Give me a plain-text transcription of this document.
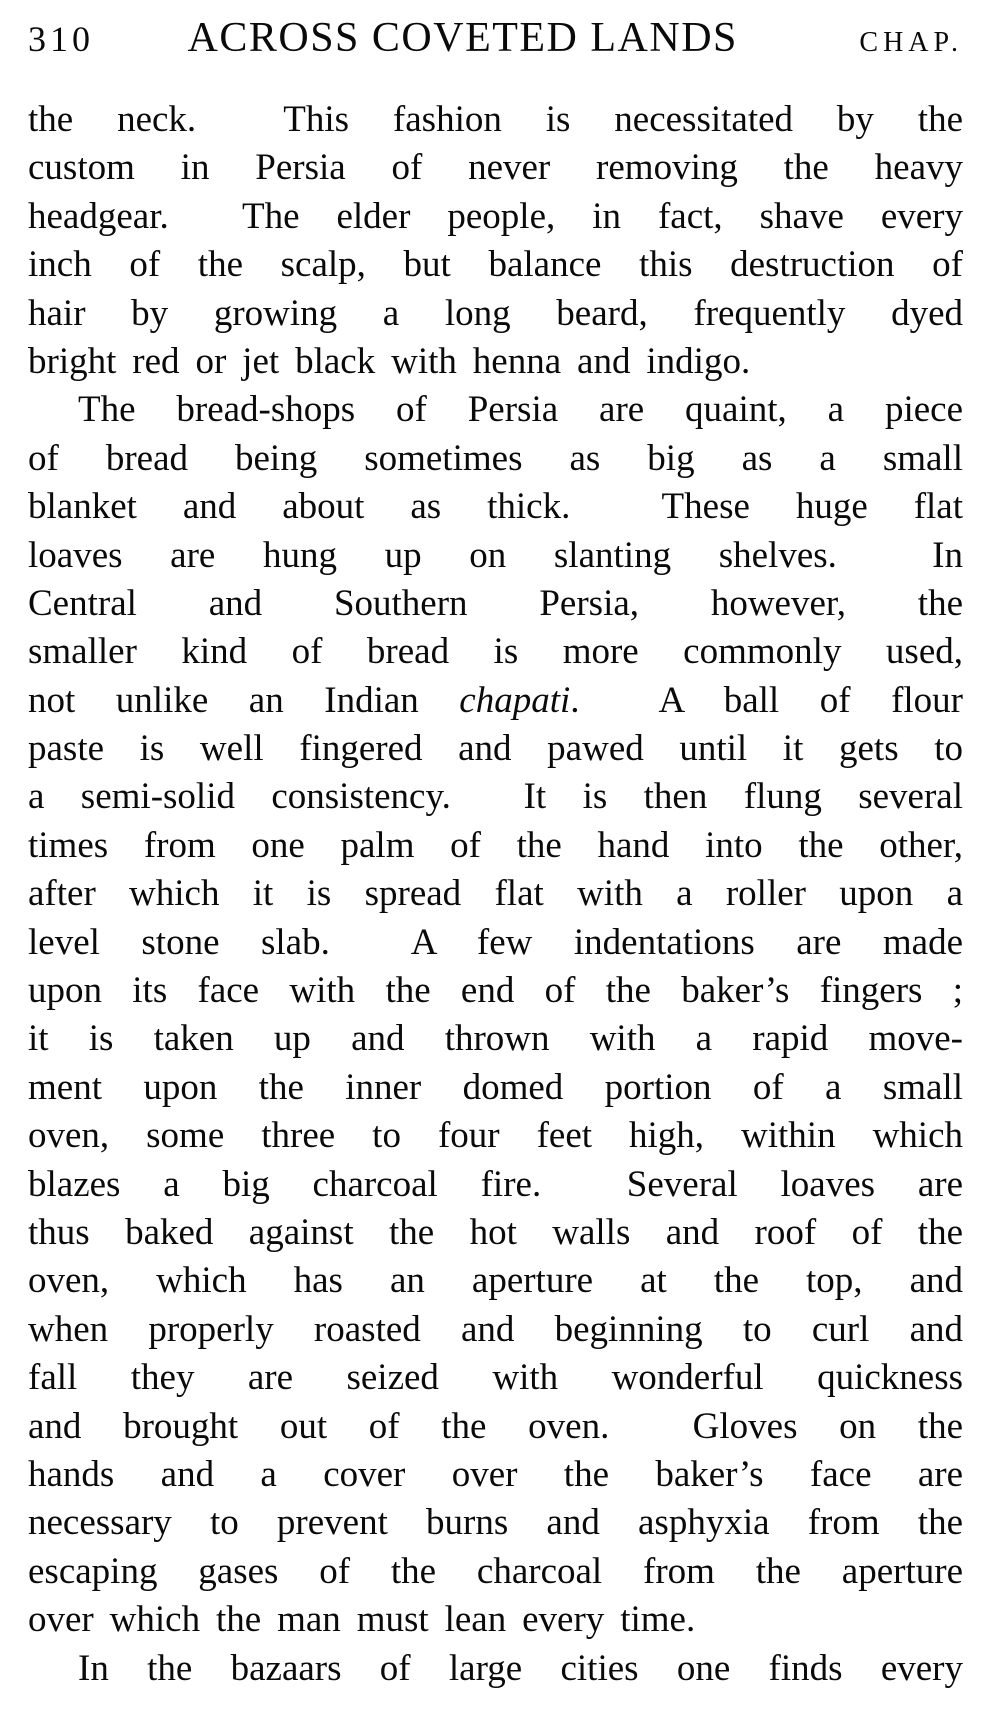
310 ACROSS COVETED LANDS	CHAP.
the neck.  This fashion is necessitated by the
custom in Persia of never removing the heavy
headgear.  The elder people, in fact, shave every
inch of the scalp, but balance this destruction of
hair by growing a long beard, frequently dyed
bright red or jet black with henna and indigo.
The bread-shops of Persia are quaint, a piece
of bread being sometimes as big as a small
blanket and about as thick.  These huge flat
loaves are hung up on slanting shelves.  In
Central and Southern Persia, however, the
smaller kind of bread is more commonly used,
not unlike an Indian chapati.  A ball of flour
paste is well fingered and pawed until it gets to
a semi-solid consistency.  It is then flung several
times from one palm of the hand into the other,
after which it is spread flat with a roller upon a
level stone slab.  A few indentations are made
upon its face with the end of the baker’s fingers ;
it is taken up and thrown with a rapid move-
ment upon the inner domed portion of a small
oven, some three to four feet high, within which
blazes a big charcoal fire.  Several loaves are
thus baked against the hot walls and roof of the
oven, which has an aperture at the top, and
when properly roasted and beginning to curl and
fall they are seized with wonderful quickness
and brought out of the oven.  Gloves on the
hands and a cover over the baker’s face are
necessary to prevent burns and asphyxia from the
escaping gases of the charcoal from the aperture
over which the man must lean every time.
In the bazaars of large cities one finds every
